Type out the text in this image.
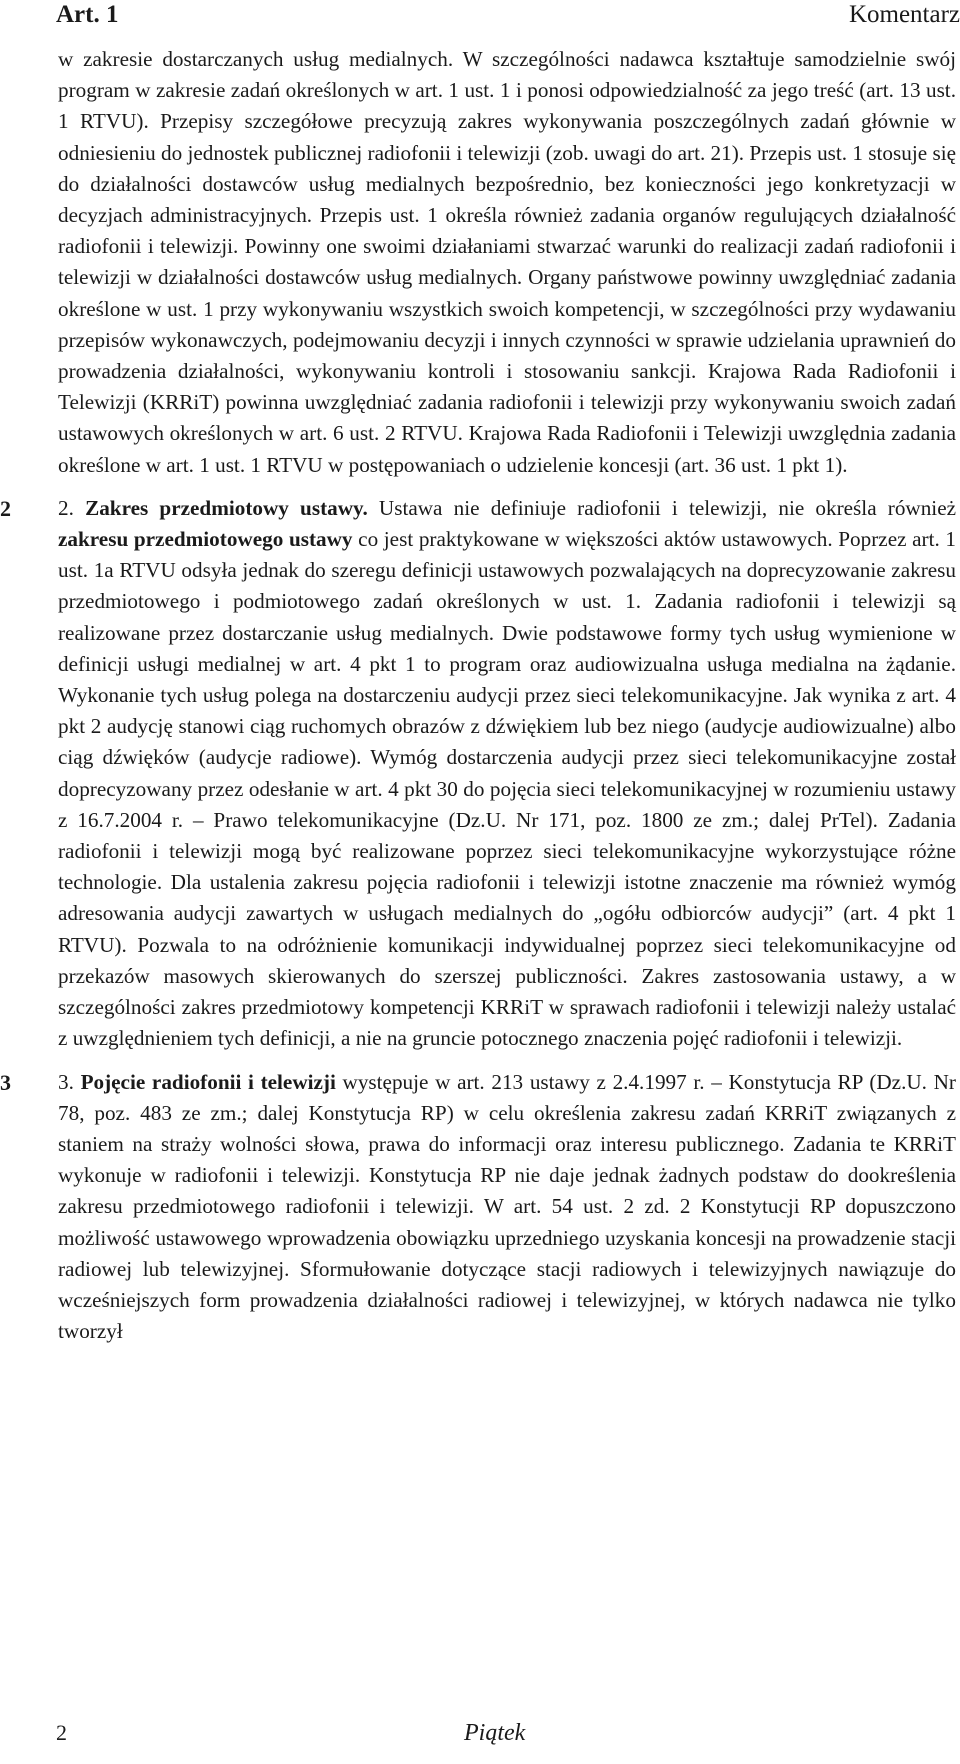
Art. 1	Komentarz

w zakresie dostarczanych usług medialnych. W szczególności nadawca kształtuje samodzielnie swój program w zakresie zadań określonych w art. 1 ust. 1 i ponosi odpowiedzialność za jego treść (art. 13 ust. 1 RTVU). Przepisy szczegółowe precyzują zakres wykonywania poszczególnych zadań głównie w odniesieniu do jednostek publicznej radiofonii i telewizji (zob. uwagi do art. 21). Przepis ust. 1 stosuje się do działalności dostawców usług medialnych bezpośrednio, bez konieczności jego konkretyzacji w decyzjach administracyjnych. Przepis ust. 1 określa również zadania organów regulujących działalność radiofonii i telewizji. Powinny one swoimi działaniami stwarzać warunki do realizacji zadań radiofonii i telewizji w działalności dostawców usług medialnych. Organy państwowe powinny uwzględniać zadania określone w ust. 1 przy wykonywaniu wszystkich swoich kompetencji, w szczególności przy wydawaniu przepisów wykonawczych, podejmowaniu decyzji i innych czynności w sprawie udzielania uprawnień do prowadzenia działalności, wykonywaniu kontroli i stosowaniu sankcji. Krajowa Rada Radiofonii i Telewizji (KRRiT) powinna uwzględniać zadania radiofonii i telewizji przy wykonywaniu swoich zadań ustawowych określonych w art. 6 ust. 2 RTVU. Krajowa Rada Radiofonii i Telewizji uwzględnia zadania określone w art. 1 ust. 1 RTVU w postępowaniach o udzielenie koncesji (art. 36 ust. 1 pkt 1).

2	2. Zakres przedmiotowy ustawy. Ustawa nie definiuje radiofonii i telewizji, nie określa również zakresu przedmiotowego ustawy co jest praktykowane w większości aktów ustawowych. Poprzez art. 1 ust. 1a RTVU odsyła jednak do szeregu definicji ustawowych pozwalających na doprecyzowanie zakresu przedmiotowego i podmiotowego zadań określonych w ust. 1. Zadania radiofonii i telewizji są realizowane przez dostarczanie usług medialnych. Dwie podstawowe formy tych usług wymienione w definicji usługi medialnej w art. 4 pkt 1 to program oraz audiowizualna usługa medialna na żądanie. Wykonanie tych usług polega na dostarczeniu audycji przez sieci telekomunikacyjne. Jak wynika z art. 4 pkt 2 audycję stanowi ciąg ruchomych obrazów z dźwiękiem lub bez niego (audycje audiowizualne) albo ciąg dźwięków (audycje radiowe). Wymóg dostarczenia audycji przez sieci telekomunikacyjne został doprecyzowany przez odesłanie w art. 4 pkt 30 do pojęcia sieci telekomunikacyjnej w rozumieniu ustawy z 16.7.2004 r. – Prawo telekomunikacyjne (Dz.U. Nr 171, poz. 1800 ze zm.; dalej PrTel). Zadania radiofonii i telewizji mogą być realizowane poprzez sieci telekomunikacyjne wykorzystujące różne technologie. Dla ustalenia zakresu pojęcia radiofonii i telewizji istotne znaczenie ma również wymóg adresowania audycji zawartych w usługach medialnych do „ogółu odbiorców audycji” (art. 4 pkt 1 RTVU). Pozwala to na odróżnienie komunikacji indywidualnej poprzez sieci telekomunikacyjne od przekazów masowych skierowanych do szerszej publiczności. Zakres zastosowania ustawy, a w szczególności zakres przedmiotowy kompetencji KRRiT w sprawach radiofonii i telewizji należy ustalać z uwzględnieniem tych definicji, a nie na gruncie potocznego znaczenia pojęć radiofonii i telewizji.

3	3. Pojęcie radiofonii i telewizji występuje w art. 213 ustawy z 2.4.1997 r. – Konstytucja RP (Dz.U. Nr 78, poz. 483 ze zm.; dalej Konstytucja RP) w celu określenia zakresu zadań KRRiT związanych z staniem na straży wolności słowa, prawa do informacji oraz interesu publicznego. Zadania te KRRiT wykonuje w radiofonii i telewizji. Konstytucja RP nie daje jednak żadnych podstaw do dookreślenia zakresu przedmiotowego radiofonii i telewizji. W art. 54 ust. 2 zd. 2 Konstytucji RP dopuszczono możliwość ustawowego wprowadzenia obowiązku uprzedniego uzyskania koncesji na prowadzenie stacji radiowej lub telewizyjnej. Sformułowanie dotyczące stacji radiowych i telewizyjnych nawiązuje do wcześniejszych form prowadzenia działalności radiowej i telewizyjnej, w których nadawca nie tylko tworzył

2	Piątek
